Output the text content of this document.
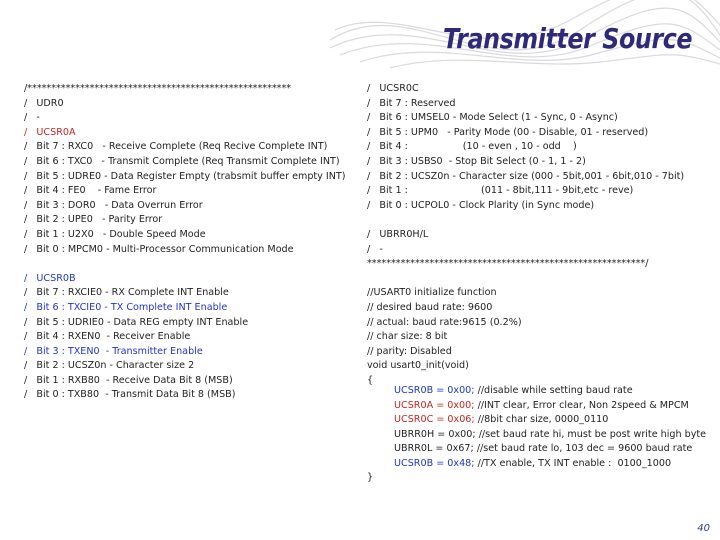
Transmitter Source
/*******************************************************
/   UDR0
/   -
/   UCSR0A
/   Bit 7 : RXC0   - Receive Complete (Req Recive Complete INT)
/   Bit 6 : TXC0   - Transmit Complete (Req Transmit Complete INT)
/   Bit 5 : UDRE0 - Data Register Empty (trabsmit buffer empty INT)
/   Bit 4 : FE0    - Fame Error
/   Bit 3 : DOR0   - Data Overrun Error
/   Bit 2 : UPE0   - Parity Error
/   Bit 1 : U2X0   - Double Speed Mode
/   Bit 0 : MPCM0 - Multi-Processor Communication Mode
/   UCSR0B
/   Bit 7 : RXCIE0 - RX Complete INT Enable
/   Bit 6 : TXCIE0 - TX Complete INT Enable
/   Bit 5 : UDRIE0 - Data REG empty INT Enable
/   Bit 4 : RXEN0  - Receiver Enable
/   Bit 3 : TXEN0  - Transmitter Enable
/   Bit 2 : UCSZ0n - Character size 2
/   Bit 1 : RXB80  - Receive Data Bit 8 (MSB)
/   Bit 0 : TXB80  - Transmit Data Bit 8 (MSB)
/   UCSR0C
/   Bit 7 : Reserved
/   Bit 6 : UMSEL0 - Mode Select (1 - Sync, 0 - Async)
/   Bit 5 : UPM0   - Parity Mode (00 - Disable, 01 - reserved)
/   Bit 4 :                  (10 - even , 10 - odd    )
/   Bit 3 : USBS0  - Stop Bit Select (0 - 1, 1 - 2)
/   Bit 2 : UCSZ0n - Character size (000 - 5bit,001 - 6bit,010 - 7bit)
/   Bit 1 :                        (011 - 8bit,111 - 9bit,etc - reve)
/   Bit 0 : UCPOL0 - Clock Plarity (in Sync mode)
/   UBRR0H/L
/   -
**********************************************************/
//USART0 initialize function
// desired baud rate: 9600
// actual: baud rate:9615 (0.2%)
// char size: 8 bit
// parity: Disabled
void usart0_init(void)
{
UCSR0B = 0x00; //disable while setting baud rate
UCSR0A = 0x00; //INT clear, Error clear, Non 2speed & MPCM
UCSR0C = 0x06; //8bit char size, 0000_0110
UBRR0H = 0x00; //set baud rate hi, must be post write high byte
UBRR0L = 0x67; //set baud rate lo, 103 dec = 9600 baud rate
UCSR0B = 0x48; //TX enable, TX INT enable :  0100_1000
}
40
